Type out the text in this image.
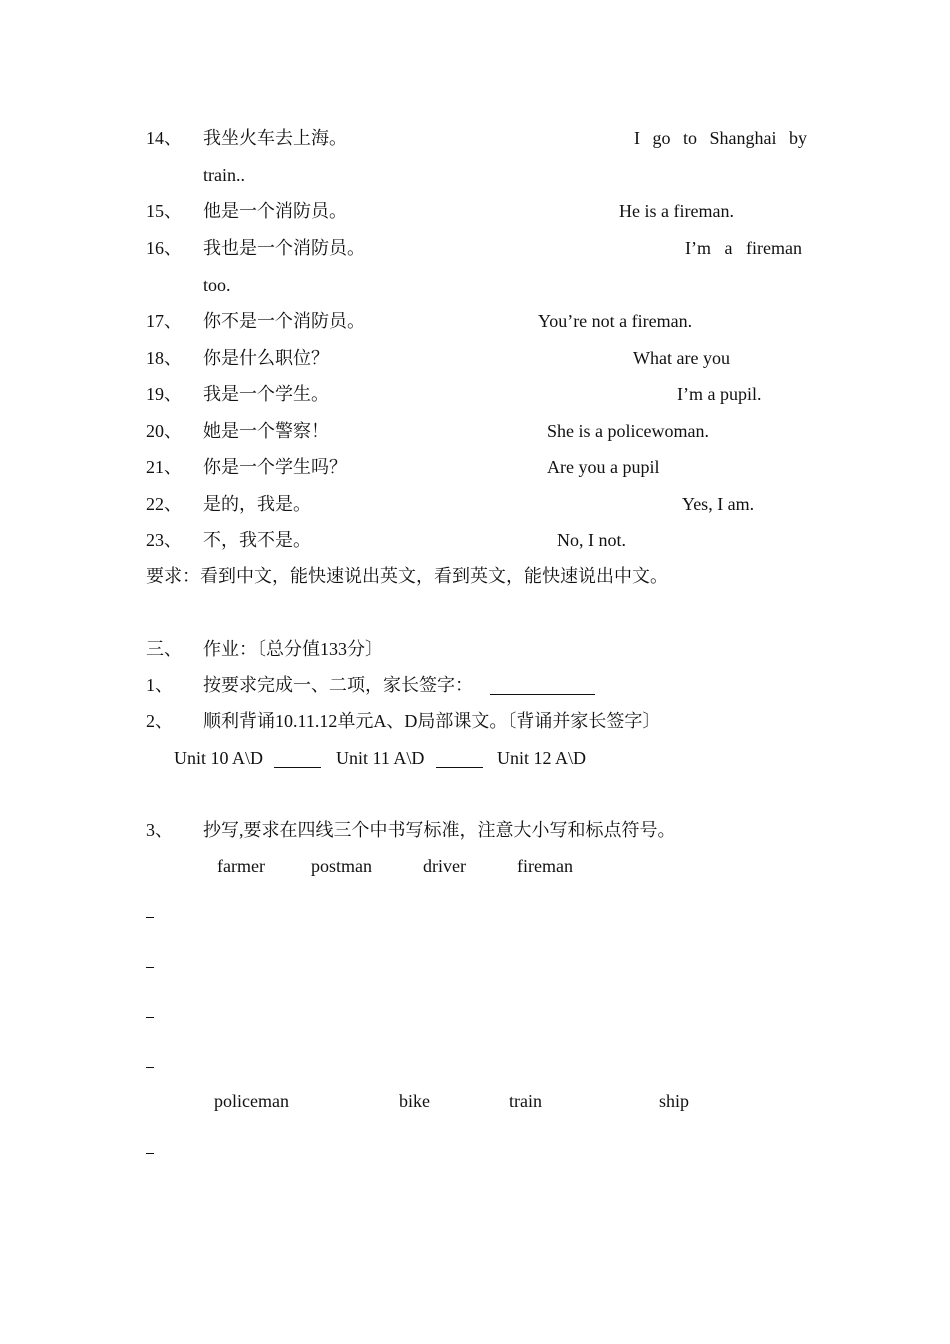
14、 我坐火车去上海。	I go to Shanghai by
train..
15、 他是一个消防员。	He is a fireman.
16、 我也是一个消防员。	I’m a fireman
too.
17、 你不是一个消防员。	You’re not a fireman.
18、 你是什么职位？	What are you
19、 我是一个学生。	I’m a pupil.
20、 她是一个警察！	She is a policewoman.
21、 你是一个学生吗？	Are you a pupil
22、 是的，我是。	Yes, I am.
23、 不，我不是。	No, I not.
要求：看到中文，能快速说出英文，看到英文，能快速说出中文。
三、 作业：〔总分值133分〕
1、 按要求完成一、二项，家长签字：
2、 顺利背诵10.11.12单元A、D局部课文。〔背诵并家长签字〕
Unit 10 A\D	Unit 11 A\D	Unit 12 A\D
3、 抄写,要求在四线三个中书写标准，注意大小写和标点符号。
farmer	postman	driver	fireman
policeman	bike	train	ship
